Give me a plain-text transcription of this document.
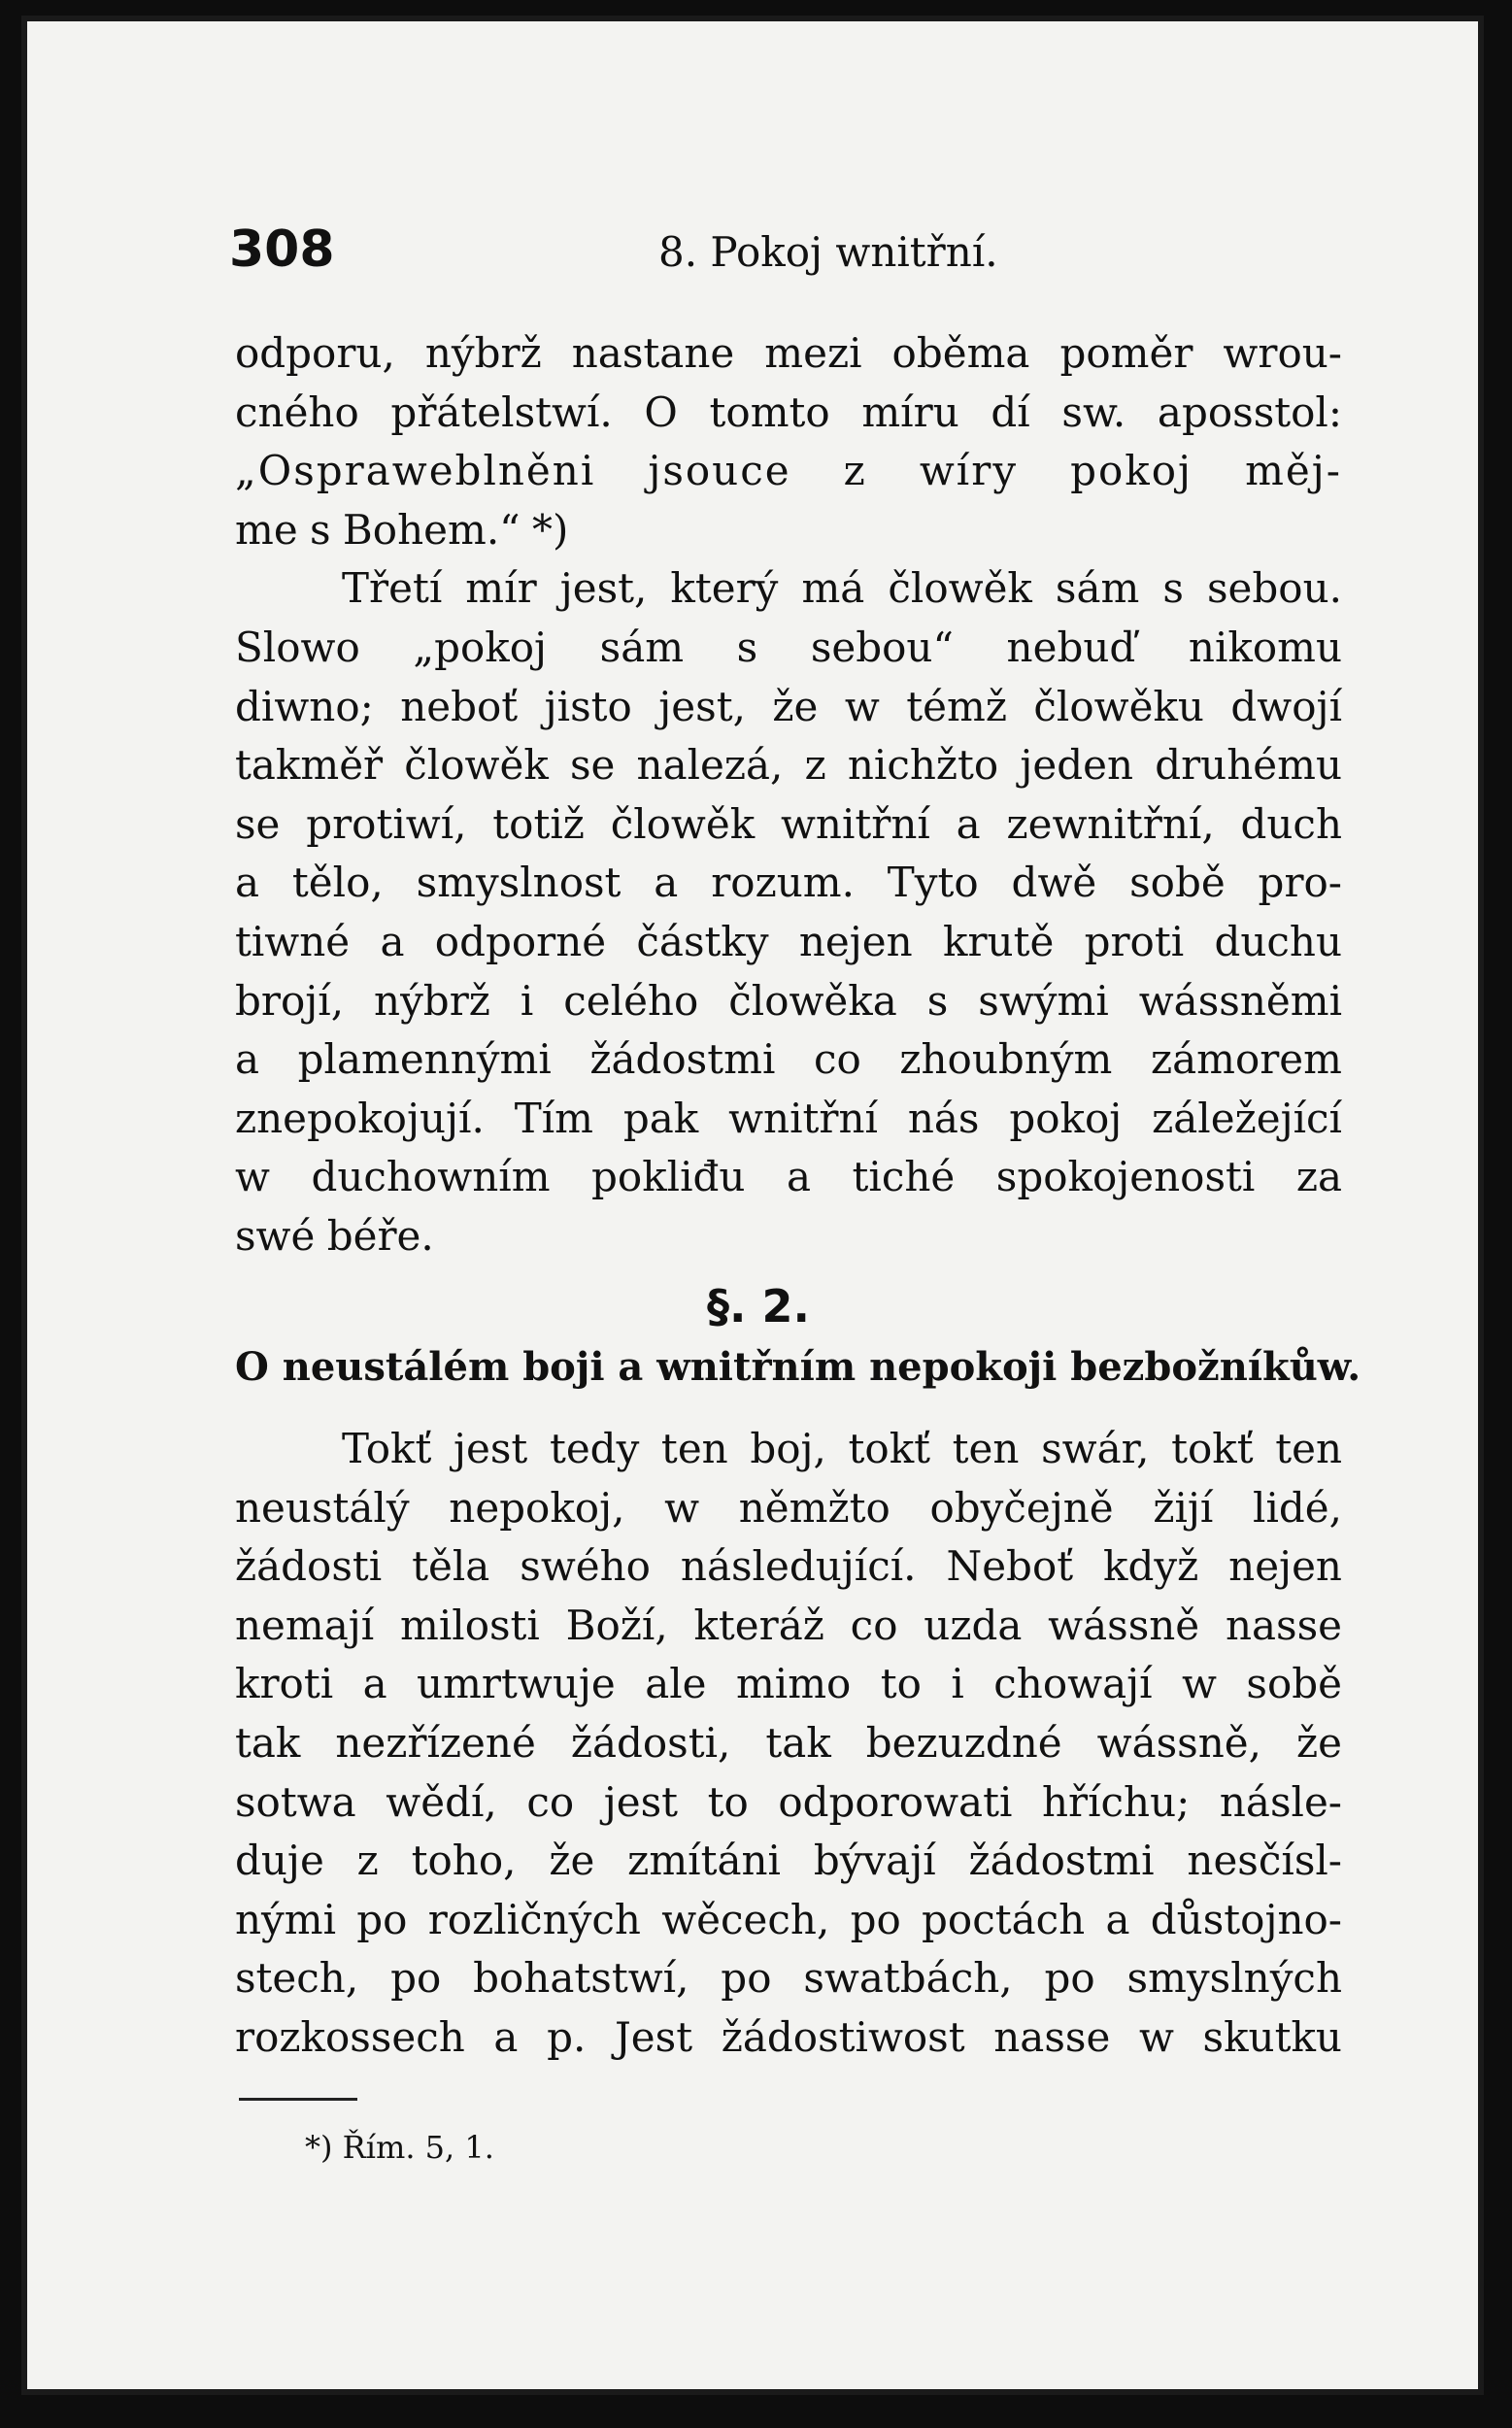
308	8. Pokoj wnitřní.
odporu, nýbrž nastane mezi oběma poměr wrou-
cného přátelstwí. O tomto míru dí sw. aposstol:
„Ospraweblněni jsouce z wíry pokoj měj-
me s Bohem.“ *)
Třetí mír jest, který má člowěk sám s sebou.
Slowo „pokoj sám s sebou“ nebuď nikomu
diwno; neboť jisto jest, že w témž člowěku dwojí
takměř člowěk se nalezá, z nichžto jeden druhému
se protiwí, totiž člowěk wnitřní a zewnitřní, duch
a tělo, smyslnost a rozum. Tyto dwě sobě pro-
tiwné a odporné částky nejen krutě proti duchu
brojí, nýbrž i celého člowěka s swými wássněmi
a plamennými žádostmi co zhoubným zámorem
znepokojují. Tím pak wnitřní nás pokoj záležející
w duchowním pokliđu a tiché spokojenosti za
swé béře.
§. 2.
O neustálém boji a wnitřním nepokoji bezbožníkůw.
Tokť jest tedy ten boj, tokť ten swár, tokť ten
neustálý nepokoj, w němžto obyčejně žijí lidé,
žádosti těla swého následující. Neboť když nejen
nemají milosti Boží, kteráž co uzda wássně nasse
kroti a umrtwuje ale mimo to i chowají w sobě
tak nezřízené žádosti, tak bezuzdné wássně, že
sotwa wědí, co jest to odporowati hříchu; násle-
duje z toho, že zmítáni bývají žádostmi nesčísl-
nými po rozličných wěcech, po poctách a důstojno-
stech, po bohatstwí, po swatbách, po smyslných
rozkossech a p. Jest žádostiwost nasse w skutku
*) Řím. 5, 1.
